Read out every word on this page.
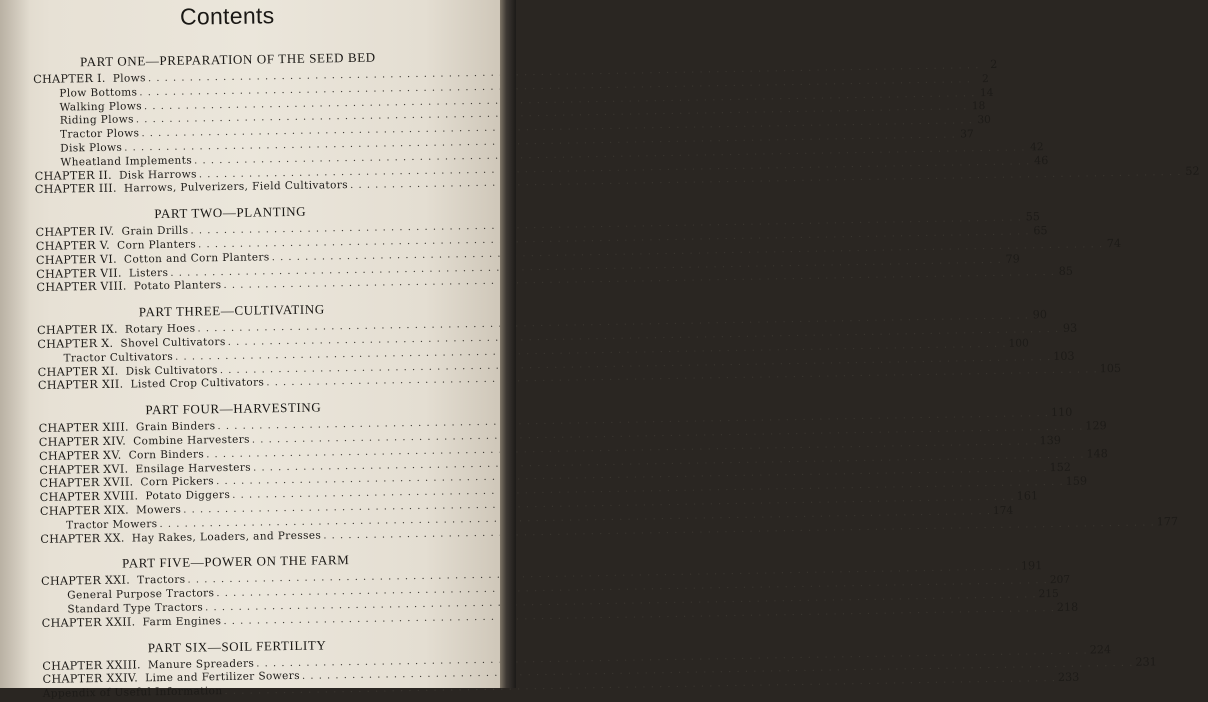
Contents
PART ONE—PREPARATION OF THE SEED BED
CHAPTER I.
Plows
. . .
2
Plow Bottoms
. . .
2
Walking Plows
. . .
14
Riding Plows
. . .
18
Tractor Plows
. . .
30
Disk Plows
. . .
37
Wheatland Implements
. . .
42
CHAPTER II.
Disk Harrows
. . .
46
CHAPTER III.
Harrows, Pulverizers, Field Cultivators
. . .
52
PART TWO—PLANTING
CHAPTER IV.
Grain Drills
. . .
55
CHAPTER V.
Corn Planters
. . .
65
CHAPTER VI.
Cotton and Corn Planters
. . .
74
CHAPTER VII.
Listers
. . .
79
CHAPTER VIII.
Potato Planters
. . .
85
PART THREE—CULTIVATING
CHAPTER IX.
Rotary Hoes
. . .
90
CHAPTER X.
Shovel Cultivators
. . .
93
Tractor Cultivators
. . .
100
CHAPTER XI.
Disk Cultivators
. . .
103
CHAPTER XII.
Listed Crop Cultivators
. . .
105
PART FOUR—HARVESTING
CHAPTER XIII.
Grain Binders
. . .
110
CHAPTER XIV.
Combine Harvesters
. . .
129
CHAPTER XV.
Corn Binders
. . .
139
CHAPTER XVI.
Ensilage Harvesters
. . .
148
CHAPTER XVII.
Corn Pickers
. . .
152
CHAPTER XVIII.
Potato Diggers
. . .
159
CHAPTER XIX.
Mowers
. . .
161
Tractor Mowers
. . .
174
CHAPTER XX.
Hay Rakes, Loaders, and Presses
. . .
177
PART FIVE—POWER ON THE FARM
CHAPTER XXI.
Tractors
. . .
191
General Purpose Tractors
. . .
207
Standard Type Tractors
. . .
215
CHAPTER XXII.
Farm Engines
. . .
218
PART SIX—SOIL FERTILITY
CHAPTER XXIII.
Manure Spreaders
. . .
224
CHAPTER XXIV.
Lime and Fertilizer Sowers
. . .
231
Appendix of Useful Information
. . .
233
